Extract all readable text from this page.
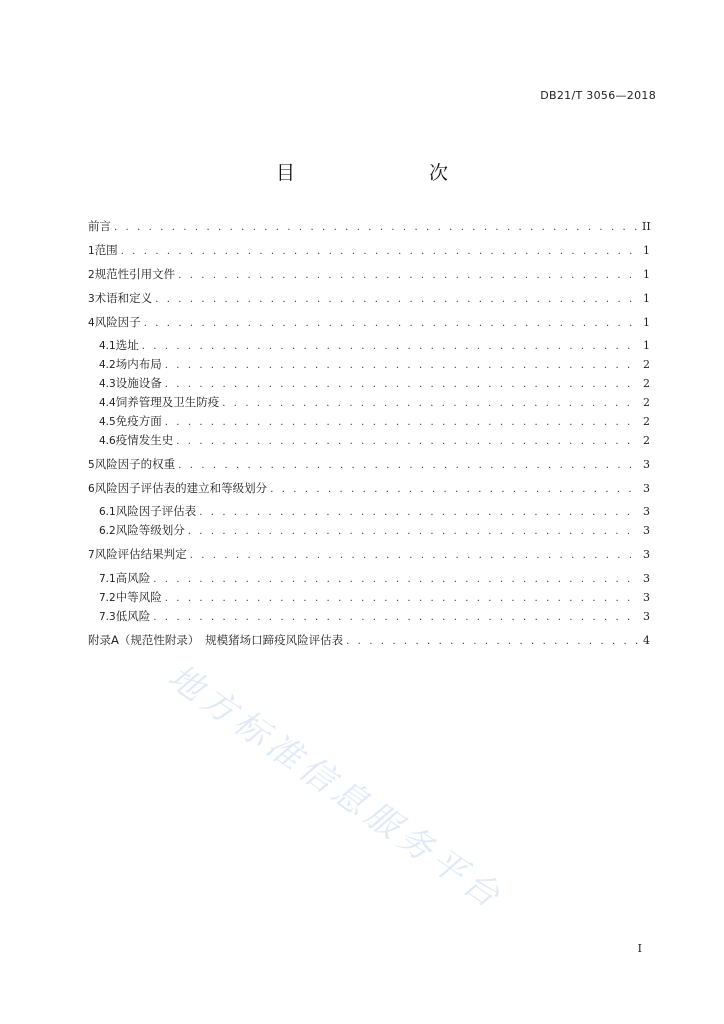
DB21/T 3056—2018
目　　次
前言 . . .	II
1 范围 . . .	1
2 规范性引用文件 . . .	1
3 术语和定义 . . .	1
4 风险因子 . . .	1
4.1 选址 . . .	1
4.2 场内布局 . . .	2
4.3 设施设备 . . .	2
4.4 饲养管理及卫生防疫 . . .	2
4.5 免疫方面 . . .	2
4.6 疫情发生史 . . .	2
5 风险因子的权重 . . .	3
6 风险因子评估表的建立和等级划分 . . .	3
6.1 风险因子评估表 . . .	3
6.2 风险等级划分 . . .	3
7 风险评估结果判定 . . .	3
7.1 高风险 . . .	3
7.2 中等风险 . . .	3
7.3 低风险 . . .	3
附录A（规范性附录）　规模猪场口蹄疫风险评估表 . . .	4
地方标准信息服务平台
I
